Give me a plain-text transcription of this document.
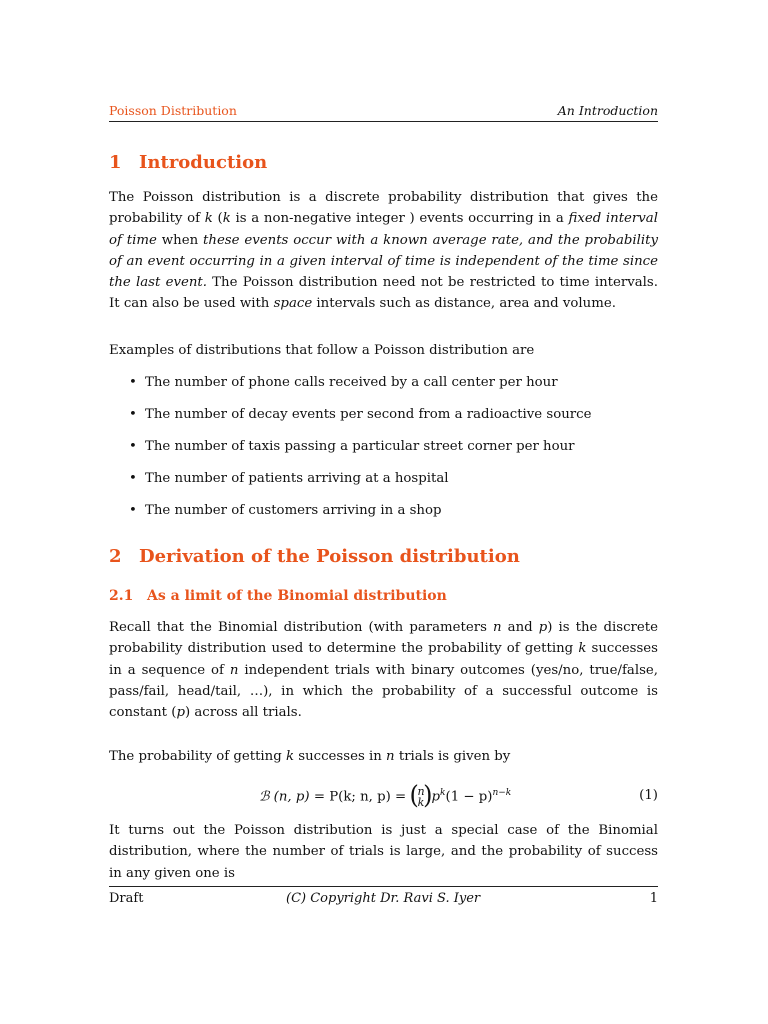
Poisson Distribution	An Introduction
1 Introduction

The Poisson distribution is a discrete probability distribution that gives the probability of k (k is a non-negative integer ) events occurring in a fixed interval of time when these events occur with a known average rate, and the probability of an event occurring in a given interval of time is independent of the time since the last event. The Poisson distribution need not be restricted to time intervals. It can also be used with space intervals such as distance, area and volume.

Examples of distributions that follow a Poisson distribution are

• The number of phone calls received by a call center per hour
• The number of decay events per second from a radioactive source
• The number of taxis passing a particular street corner per hour
• The number of patients arriving at a hospital
• The number of customers arriving in a shop
2 Derivation of the Poisson distribution
2.1 As a limit of the Binomial distribution

Recall that the Binomial distribution (with parameters n and p) is the discrete probability distribution used to determine the probability of getting k successes in a sequence of n independent trials with binary outcomes (yes/no, true/false, pass/fail, head/tail, …), in which the probability of a successful outcome is constant (p) across all trials.

The probability of getting k successes in n trials is given by

ℬ (n, p) = P(k; n, p) = ( n
k ) $p^k(1 - p)^{n-k}$	(1)

It turns out the Poisson distribution is just a special case of the Binomial distribution, where the number of trials is large, and the probability of success in any given one is

Draft	(C) Copyright Dr. Ravi S. Iyer	1
